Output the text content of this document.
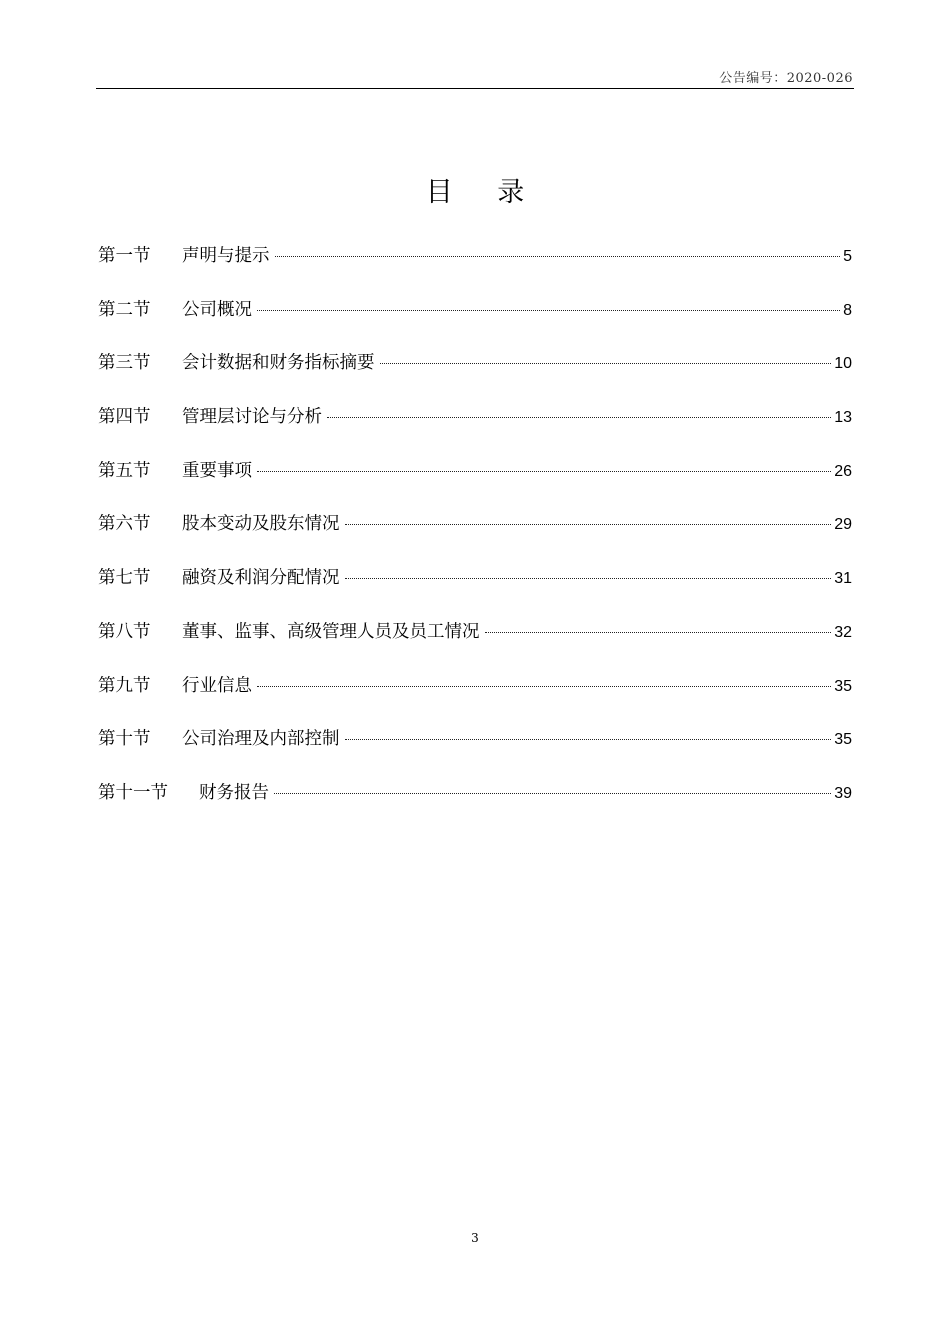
公告编号：2020-026
目 录
第一节	声明与提示	5
第二节	公司概况	8
第三节	会计数据和财务指标摘要	10
第四节	管理层讨论与分析	13
第五节	重要事项	26
第六节	股本变动及股东情况	29
第七节	融资及利润分配情况	31
第八节	董事、监事、高级管理人员及员工情况	32
第九节	行业信息	35
第十节	公司治理及内部控制	35
第十一节	财务报告	39
3
